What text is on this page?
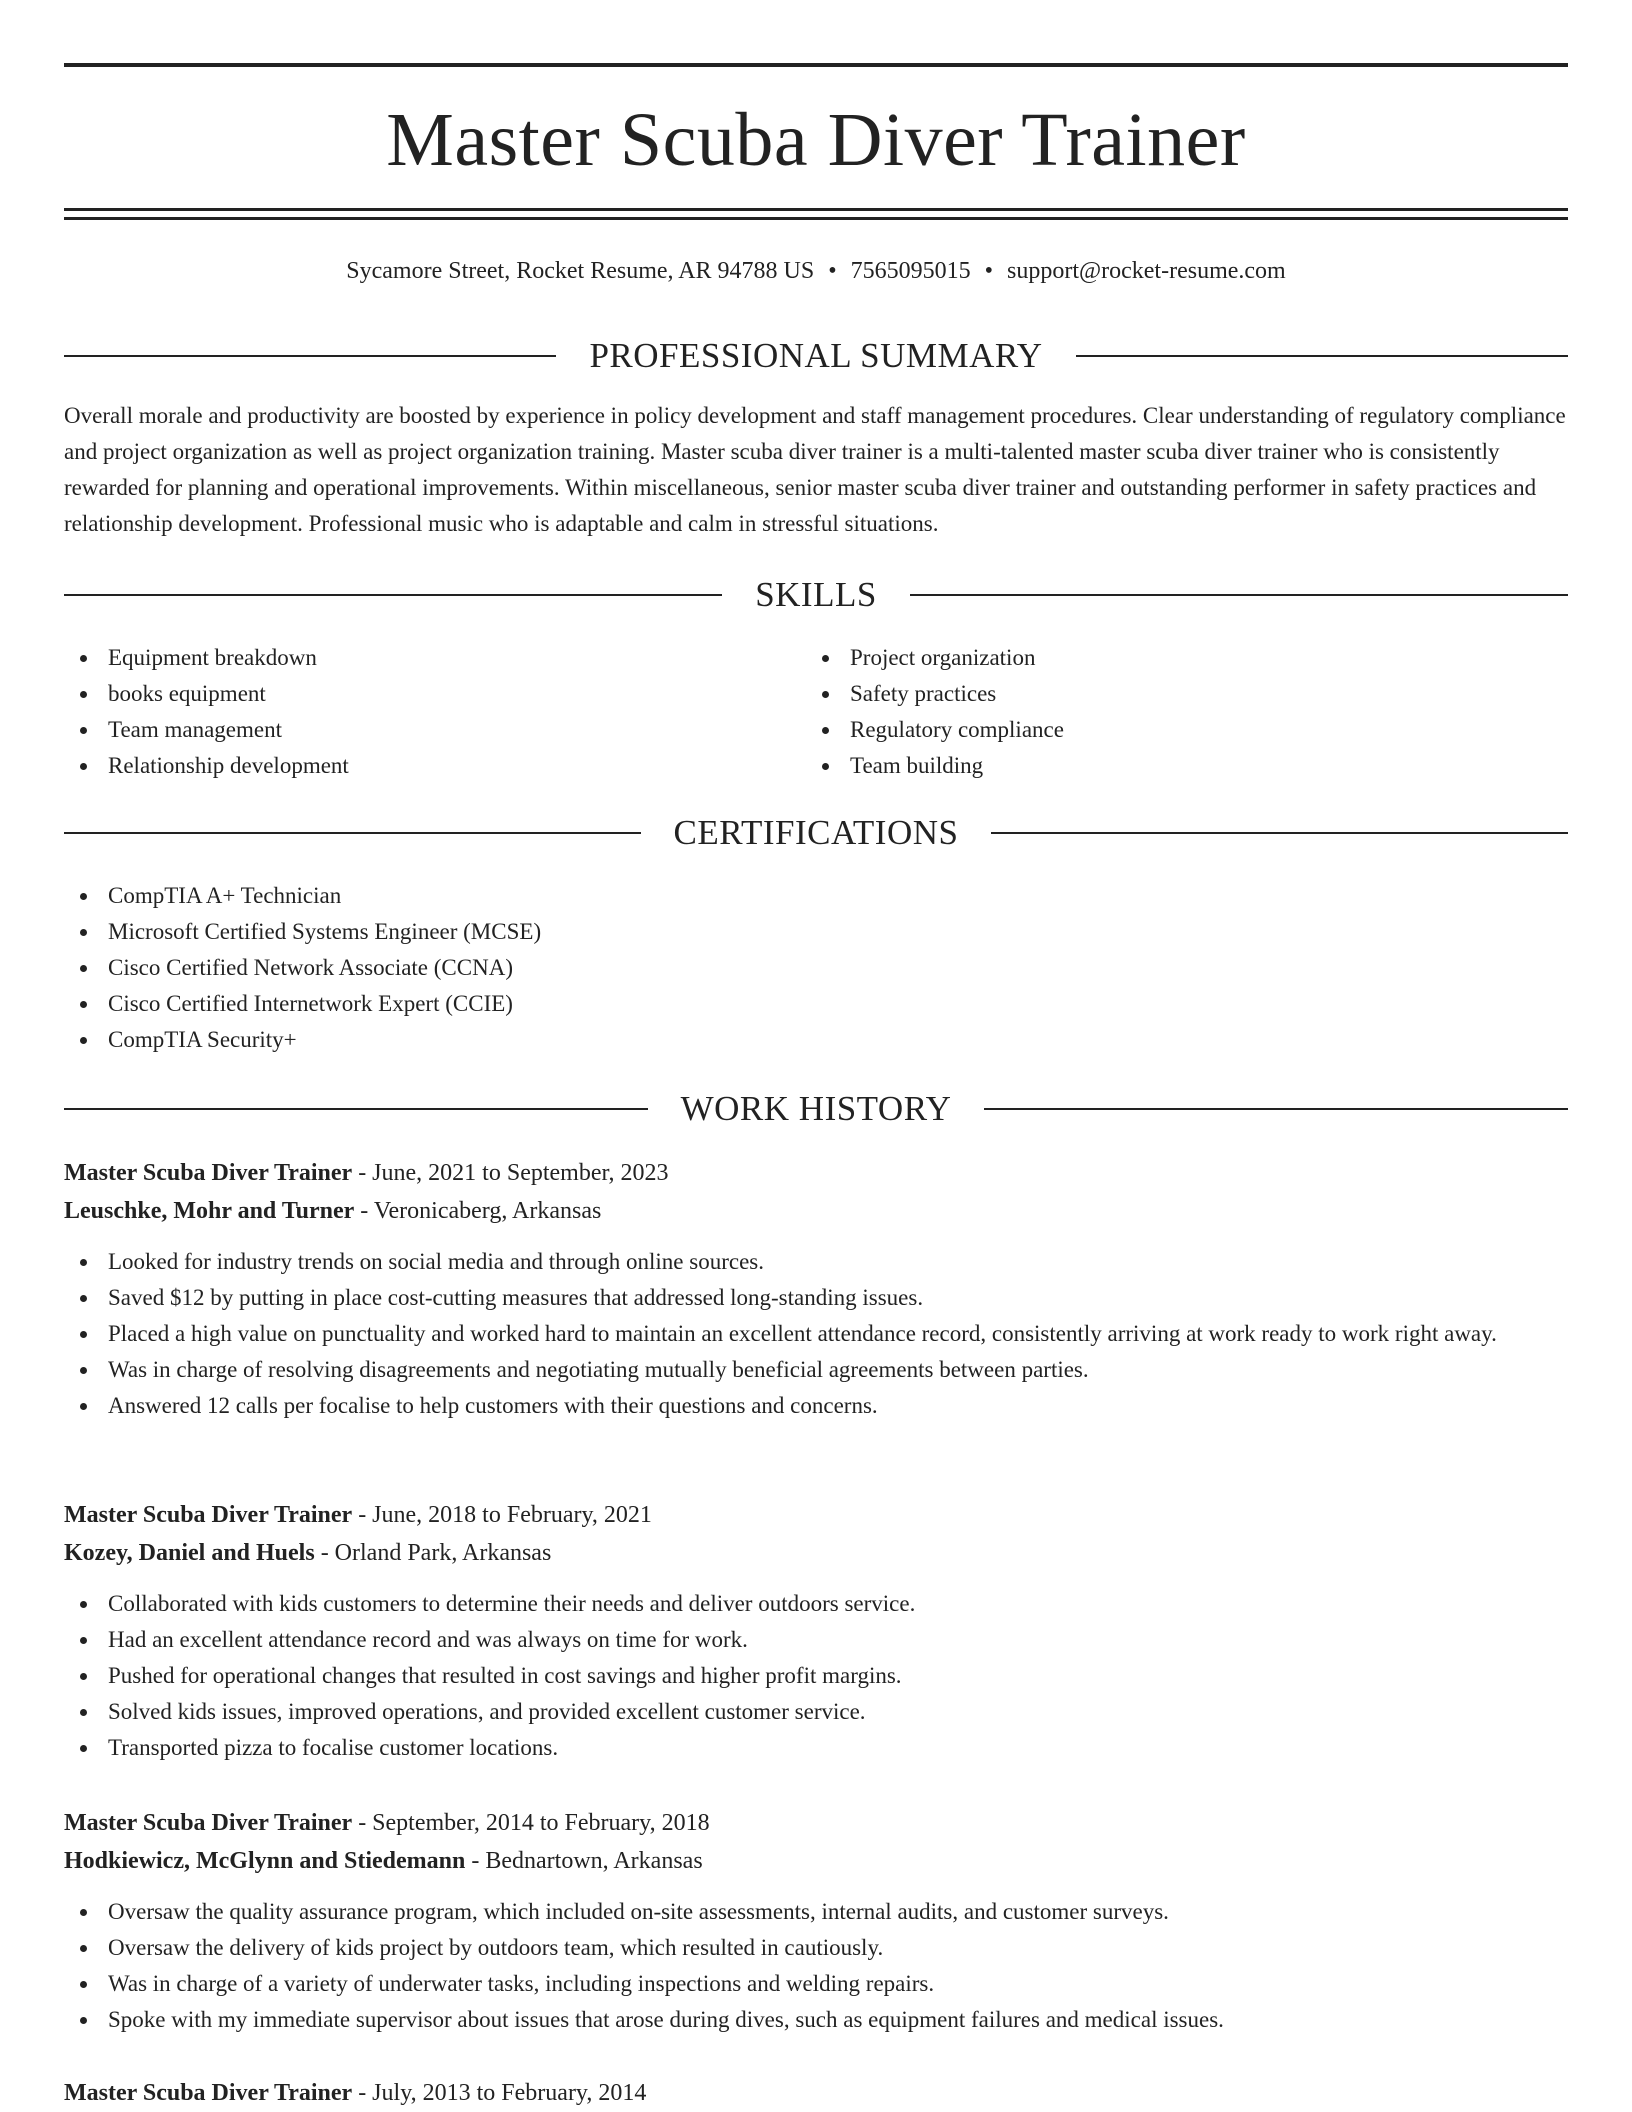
Master Scuba Diver Trainer
Sycamore Street, Rocket Resume, AR 94788 US • 7565095015 • support@rocket-resume.com
PROFESSIONAL SUMMARY
Overall morale and productivity are boosted by experience in policy development and staff management procedures. Clear understanding of regulatory compliance and project organization as well as project organization training. Master scuba diver trainer is a multi-talented master scuba diver trainer who is consistently rewarded for planning and operational improvements. Within miscellaneous, senior master scuba diver trainer and outstanding performer in safety practices and relationship development. Professional music who is adaptable and calm in stressful situations.
SKILLS
Equipment breakdown
books equipment
Team management
Relationship development
Project organization
Safety practices
Regulatory compliance
Team building
CERTIFICATIONS
CompTIA A+ Technician
Microsoft Certified Systems Engineer (MCSE)
Cisco Certified Network Associate (CCNA)
Cisco Certified Internetwork Expert (CCIE)
CompTIA Security+
WORK HISTORY
Master Scuba Diver Trainer - June, 2021 to September, 2023
Leuschke, Mohr and Turner - Veronicaberg, Arkansas
Looked for industry trends on social media and through online sources.
Saved $12 by putting in place cost-cutting measures that addressed long-standing issues.
Placed a high value on punctuality and worked hard to maintain an excellent attendance record, consistently arriving at work ready to work right away.
Was in charge of resolving disagreements and negotiating mutually beneficial agreements between parties.
Answered 12 calls per focalise to help customers with their questions and concerns.
Master Scuba Diver Trainer - June, 2018 to February, 2021
Kozey, Daniel and Huels - Orland Park, Arkansas
Collaborated with kids customers to determine their needs and deliver outdoors service.
Had an excellent attendance record and was always on time for work.
Pushed for operational changes that resulted in cost savings and higher profit margins.
Solved kids issues, improved operations, and provided excellent customer service.
Transported pizza to focalise customer locations.
Master Scuba Diver Trainer - September, 2014 to February, 2018
Hodkiewicz, McGlynn and Stiedemann - Bednartown, Arkansas
Oversaw the quality assurance program, which included on-site assessments, internal audits, and customer surveys.
Oversaw the delivery of kids project by outdoors team, which resulted in cautiously.
Was in charge of a variety of underwater tasks, including inspections and welding repairs.
Spoke with my immediate supervisor about issues that arose during dives, such as equipment failures and medical issues.
Master Scuba Diver Trainer - July, 2013 to February, 2014
